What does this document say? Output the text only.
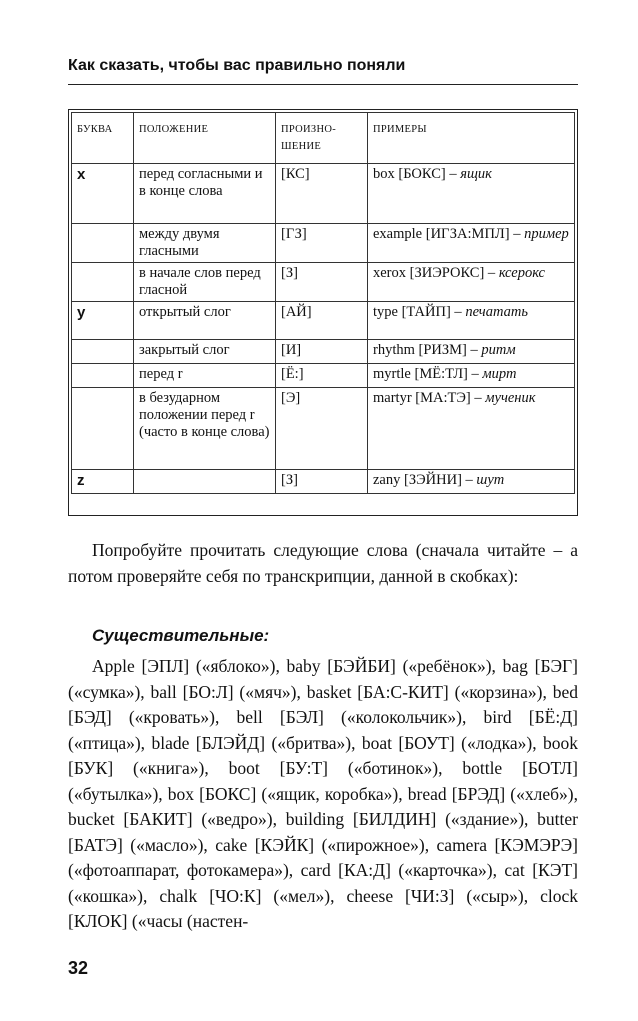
Как сказать, чтобы вас правильно поняли
БУКВА	ПОЛОЖЕНИЕ	ПРОИЗНО-ШЕНИЕ	ПРИМЕРЫ
x	перед согласными и в конце слова	[КС]	box [БОКС] – ящик
	между двумя гласными	[ГЗ]	example [ИГЗА:МПЛ] – пример
	в начале слов перед гласной	[З]	xerox [ЗИЭРОКС] – ксерокс
y	открытый слог	[АЙ]	type [ТАЙП] – печатать
	закрытый слог	[И]	rhythm [РИЗМ] – ритм
	перед r	[Ё:]	myrtle [МЁ:ТЛ] – мирт
	в безударном положении перед r (часто в конце слова)	[Э]	martyr [МА:ТЭ] – мученик
z		[З]	zany [ЗЭЙНИ] – шут
Попробуйте прочитать следующие слова (сначала читайте – а потом проверяйте себя по транскрипции, данной в скобках):
Существительные:
Apple [ЭПЛ] («яблоко»), baby [БЭЙБИ] («ребёнок»), bag [БЭГ] («сумка»), ball [БО:Л] («мяч»), basket [БА:С-КИТ] («корзина»), bed [БЭД] («кровать»), bell [БЭЛ] («колокольчик»), bird [БЁ:Д] («птица»), blade [БЛЭЙД] («бритва»), boat [БОУТ] («лодка»), book [БУК] («книга»), boot [БУ:Т] («ботинок»), bottle [БОТЛ] («бутылка»), box [БОКС] («ящик, коробка»), bread [БРЭД] («хлеб»), bucket [БАКИТ] («ведро»), building [БИЛДИН] («здание»), butter [БАТЭ] («масло»), cake [КЭЙК] («пирожное»), camera [КЭМЭРЭ] («фотоаппарат, фотокамера»), card [КА:Д] («карточка»), cat [КЭТ] («кошка»), chalk [ЧО:К] («мел»), cheese [ЧИ:З] («сыр»), clock [КЛОК] («часы (настен-
32
